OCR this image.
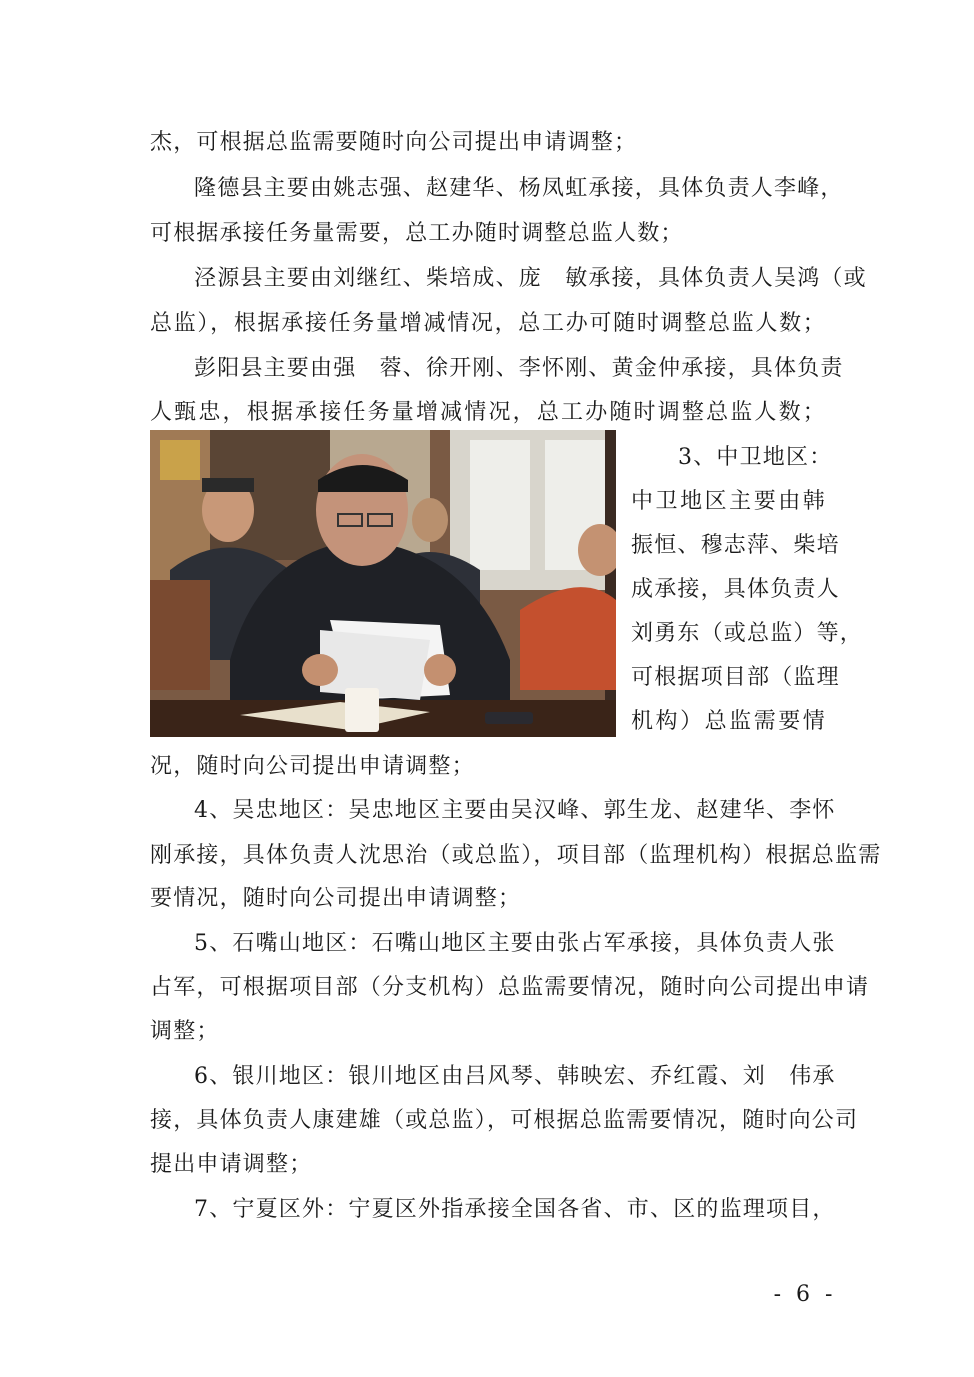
杰，可根据总监需要随时向公司提出申请调整；
隆德县主要由姚志强、赵建华、杨凤虹承接，具体负责人李峰，
可根据承接任务量需要，总工办随时调整总监人数；
泾源县主要由刘继红、柴培成、庞　敏承接，具体负责人吴鸿（或
总监），根据承接任务量增减情况，总工办可随时调整总监人数；
彭阳县主要由强　蓉、徐开刚、李怀刚、黄金仲承接，具体负责
人甄忠，根据承接任务量增减情况，总工办随时调整总监人数；
3、中卫地区：
中卫地区主要由韩
振恒、穆志萍、柴培
成承接，具体负责人
刘勇东（或总监）等，
可根据项目部（监理
机构）总监需要情
况，随时向公司提出申请调整；
4、吴忠地区：吴忠地区主要由吴汉峰、郭生龙、赵建华、李怀
刚承接，具体负责人沈思治（或总监），项目部（监理机构）根据总监需
要情况，随时向公司提出申请调整；
5、石嘴山地区：石嘴山地区主要由张占军承接，具体负责人张
占军，可根据项目部（分支机构）总监需要情况，随时向公司提出申请
调整；
6、银川地区：银川地区由吕风琴、韩映宏、乔红霞、刘　伟承
接，具体负责人康建雄（或总监），可根据总监需要情况，随时向公司
提出申请调整；
7、宁夏区外：宁夏区外指承接全国各省、市、区的监理项目，
- 6 -
